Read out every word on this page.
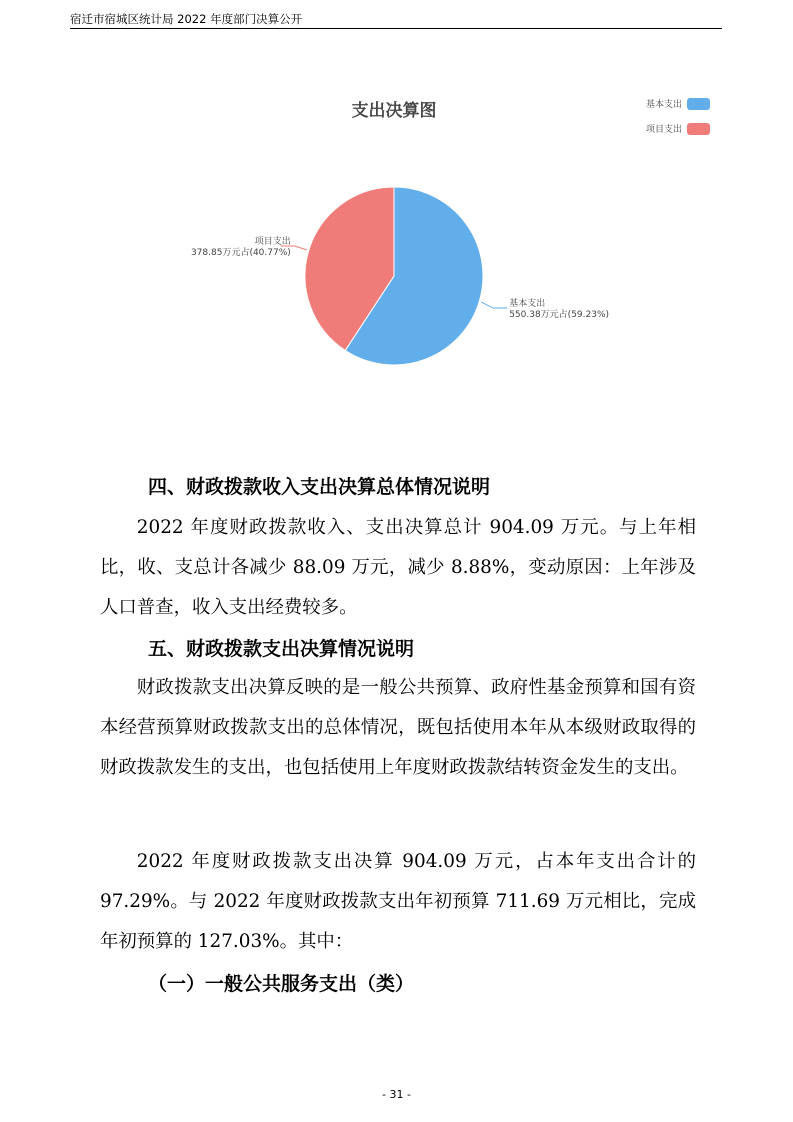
宿迁市宿城区统计局 2022 年度部门决算公开
支出决算图	基本支出
项目支出
基本支出
550.38万元占(59.23%)
项目支出
378.85万元占(40.77%)
四、财政拨款收入支出决算总体情况说明

2022 年度财政拨款收入、支出决算总计 904.09 万元。与上年相比，收、支总计各减少 88.09 万元，减少 8.88%，变动原因：上年涉及人口普查，收入支出经费较多。

五、财政拨款支出决算情况说明

财政拨款支出决算反映的是一般公共预算、政府性基金预算和国有资本经营预算财政拨款支出的总体情况，既包括使用本年从本级财政取得的财政拨款发生的支出，也包括使用上年度财政拨款结转资金发生的支出。

2022 年度财政拨款支出决算 904.09 万元，占本年支出合计的 97.29%。与 2022 年度财政拨款支出年初预算 711.69 万元相比，完成年初预算的 127.03%。其中：

（一）一般公共服务支出（类）
- 31 -
